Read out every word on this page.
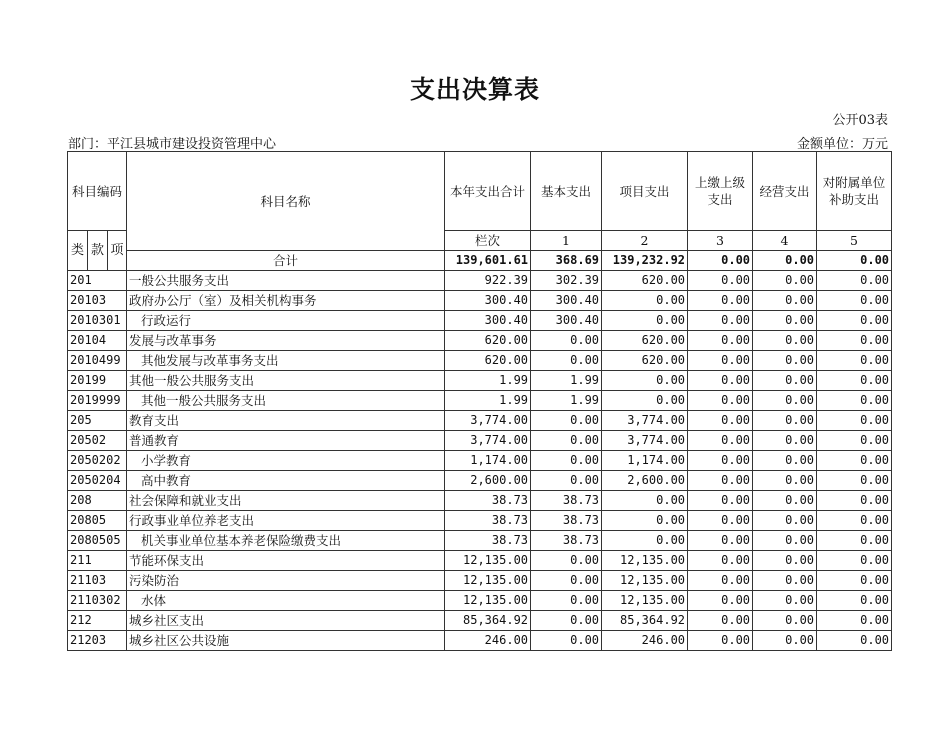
支出决算表
公开03表
部门：平江县城市建设投资管理中心	金额单位：万元
科目编码			科目名称	本年支出合计	基本支出	项目支出	上缴上级支出	经营支出	对附属单位补助支出	
类	款	项		栏次	1	2	3	4	5	
			合计	139,601.61	368.69	139,232.92	0.00	0.00	0.00	
201			一般公共服务支出	922.39	302.39	620.00	0.00	0.00	0.00	
20103			政府办公厅（室）及相关机构事务	300.40	300.40	0.00	0.00	0.00	0.00	
2010301			行政运行	300.40	300.40	0.00	0.00	0.00	0.00	
20104			发展与改革事务	620.00	0.00	620.00	0.00	0.00	0.00	
2010499			其他发展与改革事务支出	620.00	0.00	620.00	0.00	0.00	0.00	
20199			其他一般公共服务支出	1.99	1.99	0.00	0.00	0.00	0.00	
2019999			其他一般公共服务支出	1.99	1.99	0.00	0.00	0.00	0.00	
205			教育支出	3,774.00	0.00	3,774.00	0.00	0.00	0.00	
20502			普通教育	3,774.00	0.00	3,774.00	0.00	0.00	0.00	
2050202			小学教育	1,174.00	0.00	1,174.00	0.00	0.00	0.00	
2050204			高中教育	2,600.00	0.00	2,600.00	0.00	0.00	0.00	
208			社会保障和就业支出	38.73	38.73	0.00	0.00	0.00	0.00	
20805			行政事业单位养老支出	38.73	38.73	0.00	0.00	0.00	0.00	
2080505			机关事业单位基本养老保险缴费支出	38.73	38.73	0.00	0.00	0.00	0.00	
211			节能环保支出	12,135.00	0.00	12,135.00	0.00	0.00	0.00	
21103			污染防治	12,135.00	0.00	12,135.00	0.00	0.00	0.00	
2110302			水体	12,135.00	0.00	12,135.00	0.00	0.00	0.00	
212			城乡社区支出	85,364.92	0.00	85,364.92	0.00	0.00	0.00	
21203			城乡社区公共设施	246.00	0.00	246.00	0.00	0.00	0.00	
